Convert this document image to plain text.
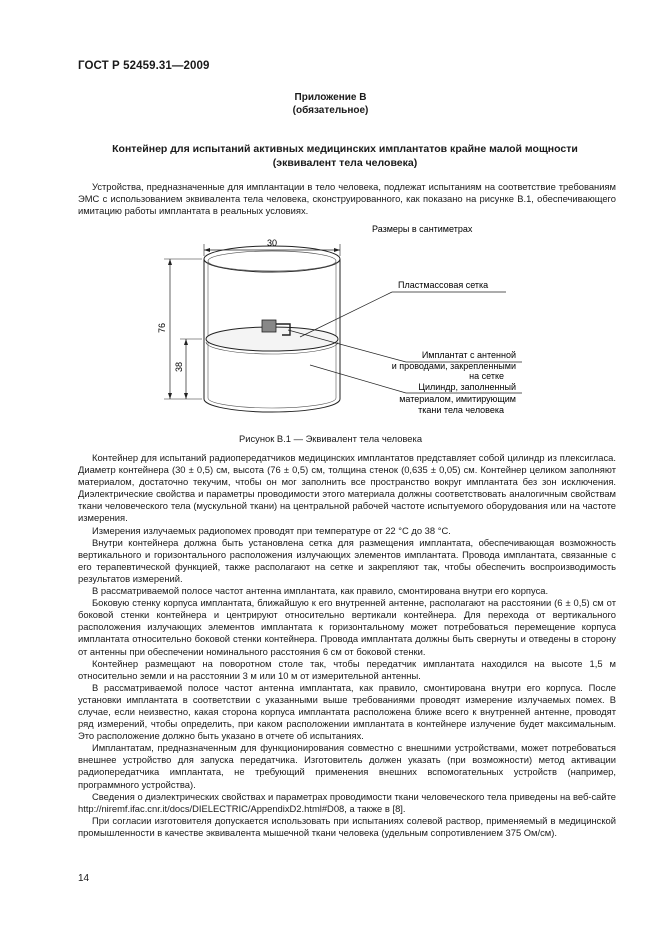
ГОСТ Р 52459.31—2009
Приложение В
(обязательное)
Контейнер для испытаний активных медицинских имплантатов крайне малой мощности
(эквивалент тела человека)

Устройства, предназначенные для имплантации в тело человека, подлежат испытаниям на соответствие требованиям ЭМС с использованием эквивалента тела человека, сконструированного, как показано на рисунке В.1, обеспечивающего имитацию работы имплантата в реальных условиях.

Размеры в сантиметрах
30
76
38
Пластмассовая сетка
Имплантат с антенной
и проводами, закрепленными
на сетке
Цилиндр, заполненный
материалом, имитирующим
ткани тела человека
Рисунок В.1 — Эквивалент тела человека

Контейнер для испытаний радиопередатчиков медицинских имплантатов представляет собой цилиндр из плексигласа. Диаметр контейнера (30 ± 0,5) см, высота (76 ± 0,5) см, толщина стенок (0,635 ± 0,05) см. Контейнер целиком заполняют материалом, достаточно текучим, чтобы он мог заполнить все пространство вокруг имплантата без зон исключения. Диэлектрические свойства и параметры проводимости этого материала должны соответствовать аналогичным свойствам ткани человеческого тела (мускульной ткани) на центральной рабочей частоте испытуемого оборудования или на частоте измерения.

Измерения излучаемых радиопомех проводят при температуре от 22 °С до 38 °С.

Внутри контейнера должна быть установлена сетка для размещения имплантата, обеспечивающая возможность вертикального и горизонтального расположения излучающих элементов имплантата. Провода имплантата, связанные с его терапевтической функцией, также располагают на сетке и закрепляют так, чтобы обеспечить воспроизводимость результатов измерений.

В рассматриваемой полосе частот антенна имплантата, как правило, смонтирована внутри его корпуса.

Боковую стенку корпуса имплантата, ближайшую к его внутренней антенне, располагают на расстоянии (6 ± 0,5) см от боковой стенки контейнера и центрируют относительно вертикали контейнера. Для перехода от вертикального расположения излучающих элементов имплантата к горизонтальному может потребоваться перемещение корпуса имплантата относительно боковой стенки контейнера. Провода имплантата должны быть свернуты и отведены в сторону от антенны при обеспечении номинального расстояния 6 см от боковой стенки.

Контейнер размещают на поворотном столе так, чтобы передатчик имплантата находился на высоте 1,5 м относительно земли и на расстоянии 3 м или 10 м от измерительной антенны.

В рассматриваемой полосе частот антенна имплантата, как правило, смонтирована внутри его корпуса. После установки имплантата в соответствии с указанными выше требованиями проводят измерение излучаемых помех. В случае, если неизвестно, какая сторона корпуса имплантата расположена ближе всего к внутренней антенне, проводят ряд измерений, чтобы определить, при каком расположении имплантата в контейнере излучение будет максимальным. Это расположение должно быть указано в отчете об испытаниях.

Имплантатам, предназначенным для функционирования совместно с внешними устройствами, может потребоваться внешнее устройство для запуска передатчика. Изготовитель должен указать (при возможности) метод активации радиопередатчика имплантата, не требующий применения внешних вспомогательных устройств (например, программного устройства).

Сведения о диэлектрических свойствах и параметрах проводимости ткани человеческого тела приведены на веб-сайте http://niremf.ifac.cnr.it/docs/DIELECTRIC/AppendixD2.html#D08, а также в [8].

При согласии изготовителя допускается использовать при испытаниях солевой раствор, применяемый в медицинской промышленности в качестве эквивалента мышечной ткани человека (удельным сопротивлением 375 Ом/см).

14
